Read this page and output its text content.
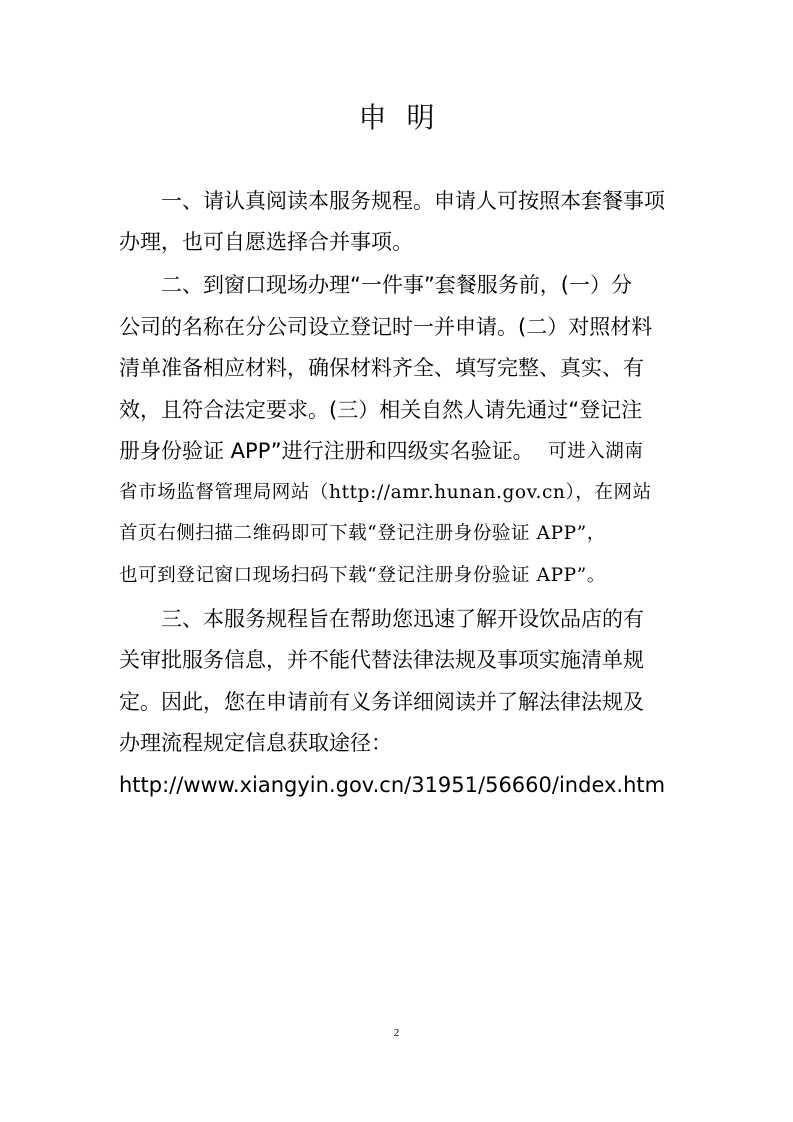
申明
一、请认真阅读本服务规程。申请人可按照本套餐事项
办理，也可自愿选择合并事项。
二、到窗口现场办理“一件事”套餐服务前，(一）分
公司的名称在分公司设立登记时一并申请。(二）对照材料
清单准备相应材料，确保材料齐全、填写完整、真实、有
效，且符合法定要求。(三）相关自然人请先通过“登记注
册身份验证 APP”进行注册和四级实名验证。 可进入湖南
省市场监督管理局网站（http://amr.hunan.gov.cn），在网站
首页右侧扫描二维码即可下载“登记注册身份验证 APP”，
也可到登记窗口现场扫码下载“登记注册身份验证 APP”。
三、本服务规程旨在帮助您迅速了解开设饮品店的有
关审批服务信息，并不能代替法律法规及事项实施清单规
定。因此，您在申请前有义务详细阅读并了解法律法规及
办理流程规定信息获取途径：
http://www.xiangyin.gov.cn/31951/56660/index.htm
2
